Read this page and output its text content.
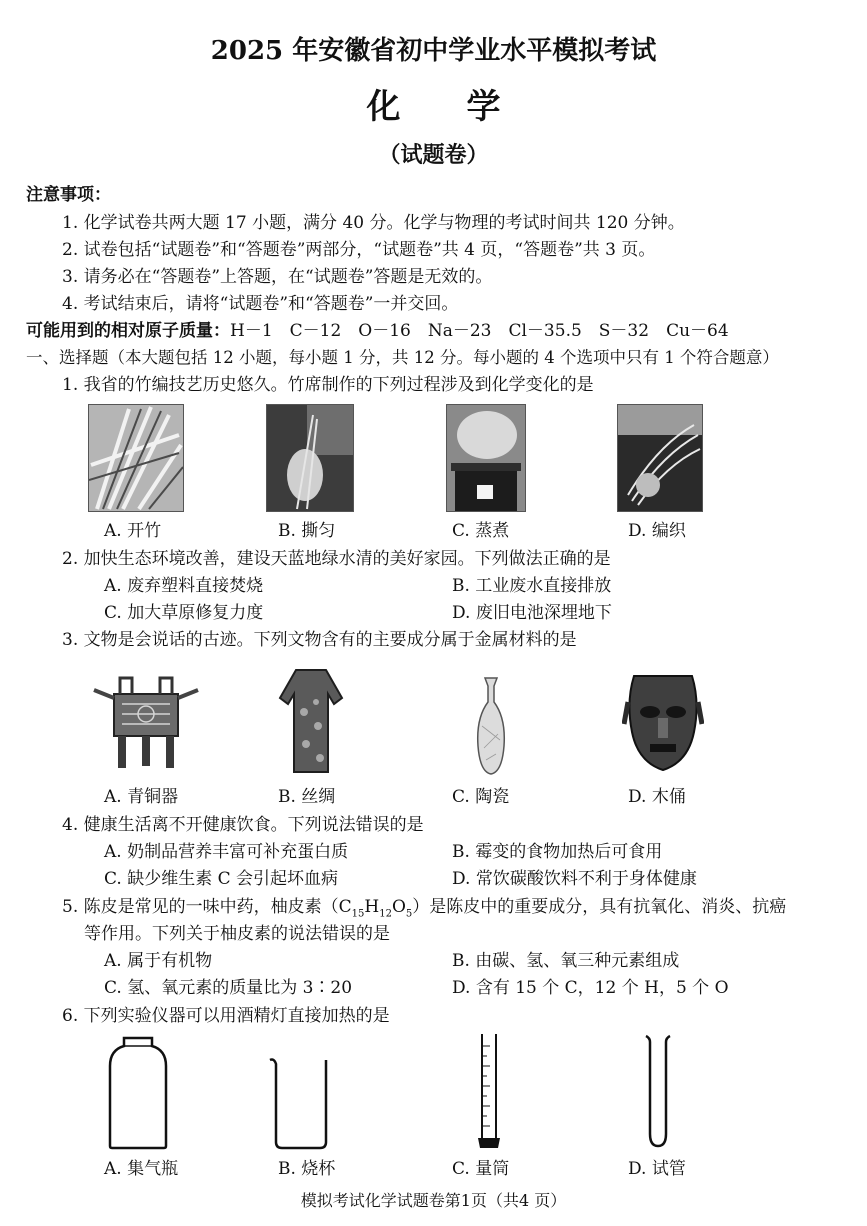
2025 年安徽省初中学业水平模拟考试
化学
（试题卷）
注意事项：
1. 化学试卷共两大题 17 小题，满分 40 分。化学与物理的考试时间共 120 分钟。
2. 试卷包括“试题卷”和“答题卷”两部分，“试题卷”共 4 页，“答题卷”共 3 页。
3. 请务必在“答题卷”上答题，在“试题卷”答题是无效的。
4. 考试结束后，请将“试题卷”和“答题卷”一并交回。
可能用到的相对原子质量：H－1　C－12　O－16　Na－23　Cl－35.5　S－32　Cu－64
一、选择题（本大题包括 12 小题，每小题 1 分，共 12 分。每小题的 4 个选项中只有 1 个符合题意）
1. 我省的竹编技艺历史悠久。竹席制作的下列过程涉及到化学变化的是
A. 开竹	B. 撕匀	C. 蒸煮	D. 编织
2. 加快生态环境改善，建设天蓝地绿水清的美好家园。下列做法正确的是
A. 废弃塑料直接焚烧	B. 工业废水直接排放
C. 加大草原修复力度	D. 废旧电池深埋地下
3. 文物是会说话的古迹。下列文物含有的主要成分属于金属材料的是
A. 青铜器	B. 丝绸	C. 陶瓷	D. 木俑
4. 健康生活离不开健康饮食。下列说法错误的是
A. 奶制品营养丰富可补充蛋白质	B. 霉变的食物加热后可食用
C. 缺少维生素 C 会引起坏血病	D. 常饮碳酸饮料不利于身体健康
5. 陈皮是常见的一味中药，柚皮素$(C_{15}H_{12}O_5)$是陈皮中的重要成分，具有抗氧化、消炎、抗癌
等作用。下列关于柚皮素的说法错误的是
A. 属于有机物	B. 由碳、氢、氧三种元素组成
C. 氢、氧元素的质量比为 3∶20	D. 含有 15 个 C，12 个 H，5 个 O
6. 下列实验仪器可以用酒精灯直接加热的是
A. 集气瓶	B. 烧杯	C. 量筒	D. 试管
模拟考试化学试题卷第1页（共4 页）
